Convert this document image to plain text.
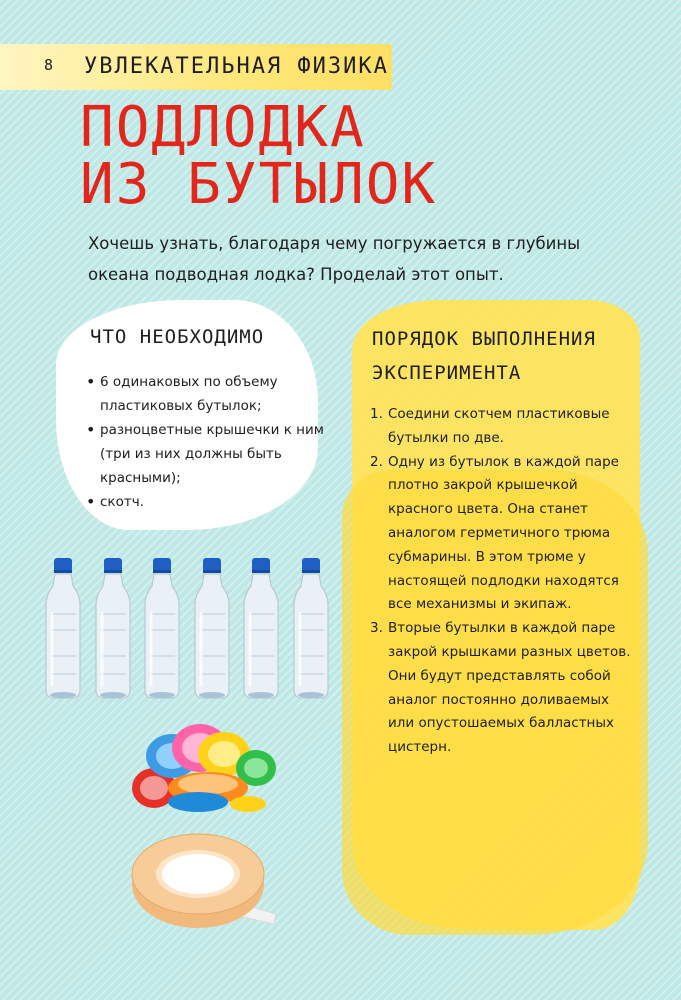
8 УВЛЕКАТЕЛЬНАЯ ФИЗИКА
ПОДЛОДКА
ИЗ БУТЫЛОК
Хочешь узнать, благодаря чему погружается в глубины океана подводная лодка? Проделай этот опыт.
ЧТО НЕОБХОДИМО
• 6 одинаковых по объему пластиковых бутылок;
• разноцветные крышечки к ним (три из них должны быть красными);
• скотч.
ПОРЯДОК ВЫПОЛНЕНИЯ ЭКСПЕРИМЕНТА
1. Соедини скотчем пластиковые бутылки по две.
2. Одну из бутылок в каждой паре плотно закрой крышечкой красного цвета. Она станет аналогом герметичного трюма субмарины. В этом трюме у настоящей подлодки находятся все механизмы и экипаж.
3. Вторые бутылки в каждой паре закрой крышками разных цветов. Они будут представлять собой аналог постоянно доливаемых или опустошаемых балластных цистерн.
